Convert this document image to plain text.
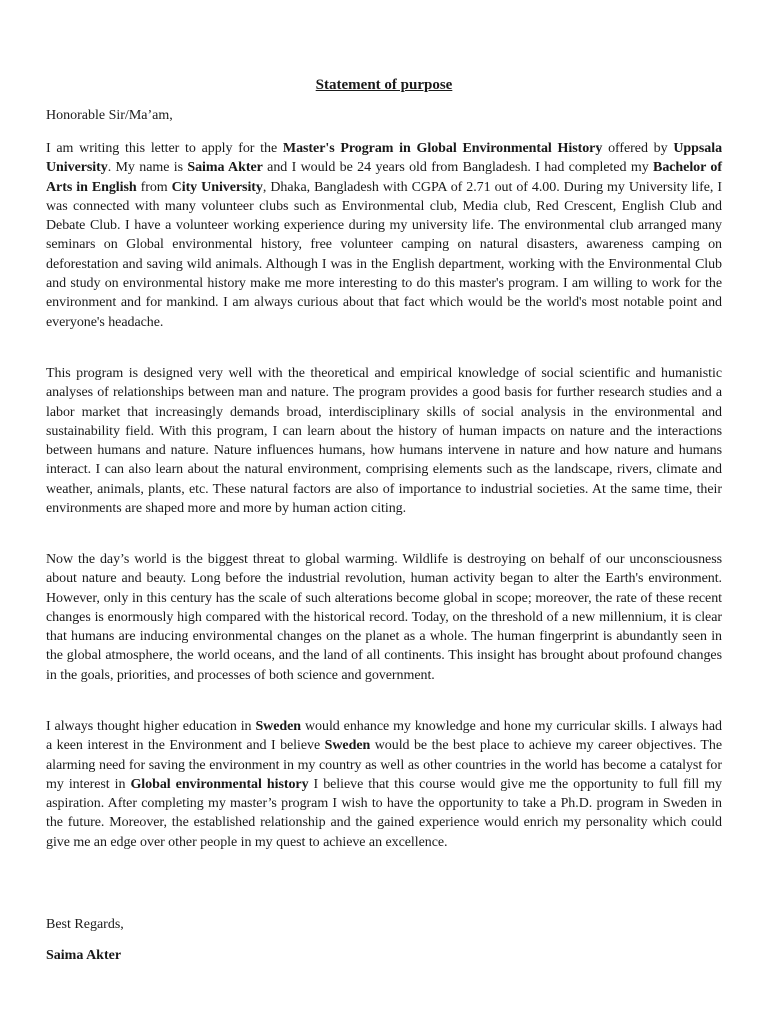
Statement of purpose

Honorable Sir/Ma’am,

I am writing this letter to apply for the Master's Program in Global Environmental History offered by Uppsala University. My name is Saima Akter and I would be 24 years old from Bangladesh. I had completed my Bachelor of Arts in English from City University, Dhaka, Bangladesh with CGPA of 2.71 out of 4.00. During my University life, I was connected with many volunteer clubs such as Environmental club, Media club, Red Crescent, English Club and Debate Club. I have a volunteer working experience during my university life. The environmental club arranged many seminars on Global environmental history, free volunteer camping on natural disasters, awareness camping on deforestation and saving wild animals. Although I was in the English department, working with the Environmental Club and study on environmental history make me more interesting to do this master's program. I am willing to work for the environment and for mankind. I am always curious about that fact which would be the world's most notable point and everyone's headache.

This program is designed very well with the theoretical and empirical knowledge of social scientific and humanistic analyses of relationships between man and nature. The program provides a good basis for further research studies and a labor market that increasingly demands broad, interdisciplinary skills of social analysis in the environmental and sustainability field. With this program, I can learn about the history of human impacts on nature and the interactions between humans and nature. Nature influences humans, how humans intervene in nature and how nature and humans interact. I can also learn about the natural environment, comprising elements such as the landscape, rivers, climate and weather, animals, plants, etc. These natural factors are also of importance to industrial societies. At the same time, their environments are shaped more and more by human action citing.

Now the day’s world is the biggest threat to global warming. Wildlife is destroying on behalf of our unconsciousness about nature and beauty. Long before the industrial revolution, human activity began to alter the Earth's environment. However, only in this century has the scale of such alterations become global in scope; moreover, the rate of these recent changes is enormously high compared with the historical record. Today, on the threshold of a new millennium, it is clear that humans are inducing environmental changes on the planet as a whole. The human fingerprint is abundantly seen in the global atmosphere, the world oceans, and the land of all continents. This insight has brought about profound changes in the goals, priorities, and processes of both science and government.

I always thought higher education in Sweden would enhance my knowledge and hone my curricular skills. I always had a keen interest in the Environment and I believe Sweden would be the best place to achieve my career objectives. The alarming need for saving the environment in my country as well as other countries in the world has become a catalyst for my interest in Global environmental history I believe that this course would give me the opportunity to full fill my aspiration. After completing my master’s program I wish to have the opportunity to take a Ph.D. program in Sweden in the future. Moreover, the established relationship and the gained experience would enrich my personality which could give me an edge over other people in my quest to achieve an excellence.

Best Regards,

Saima Akter
